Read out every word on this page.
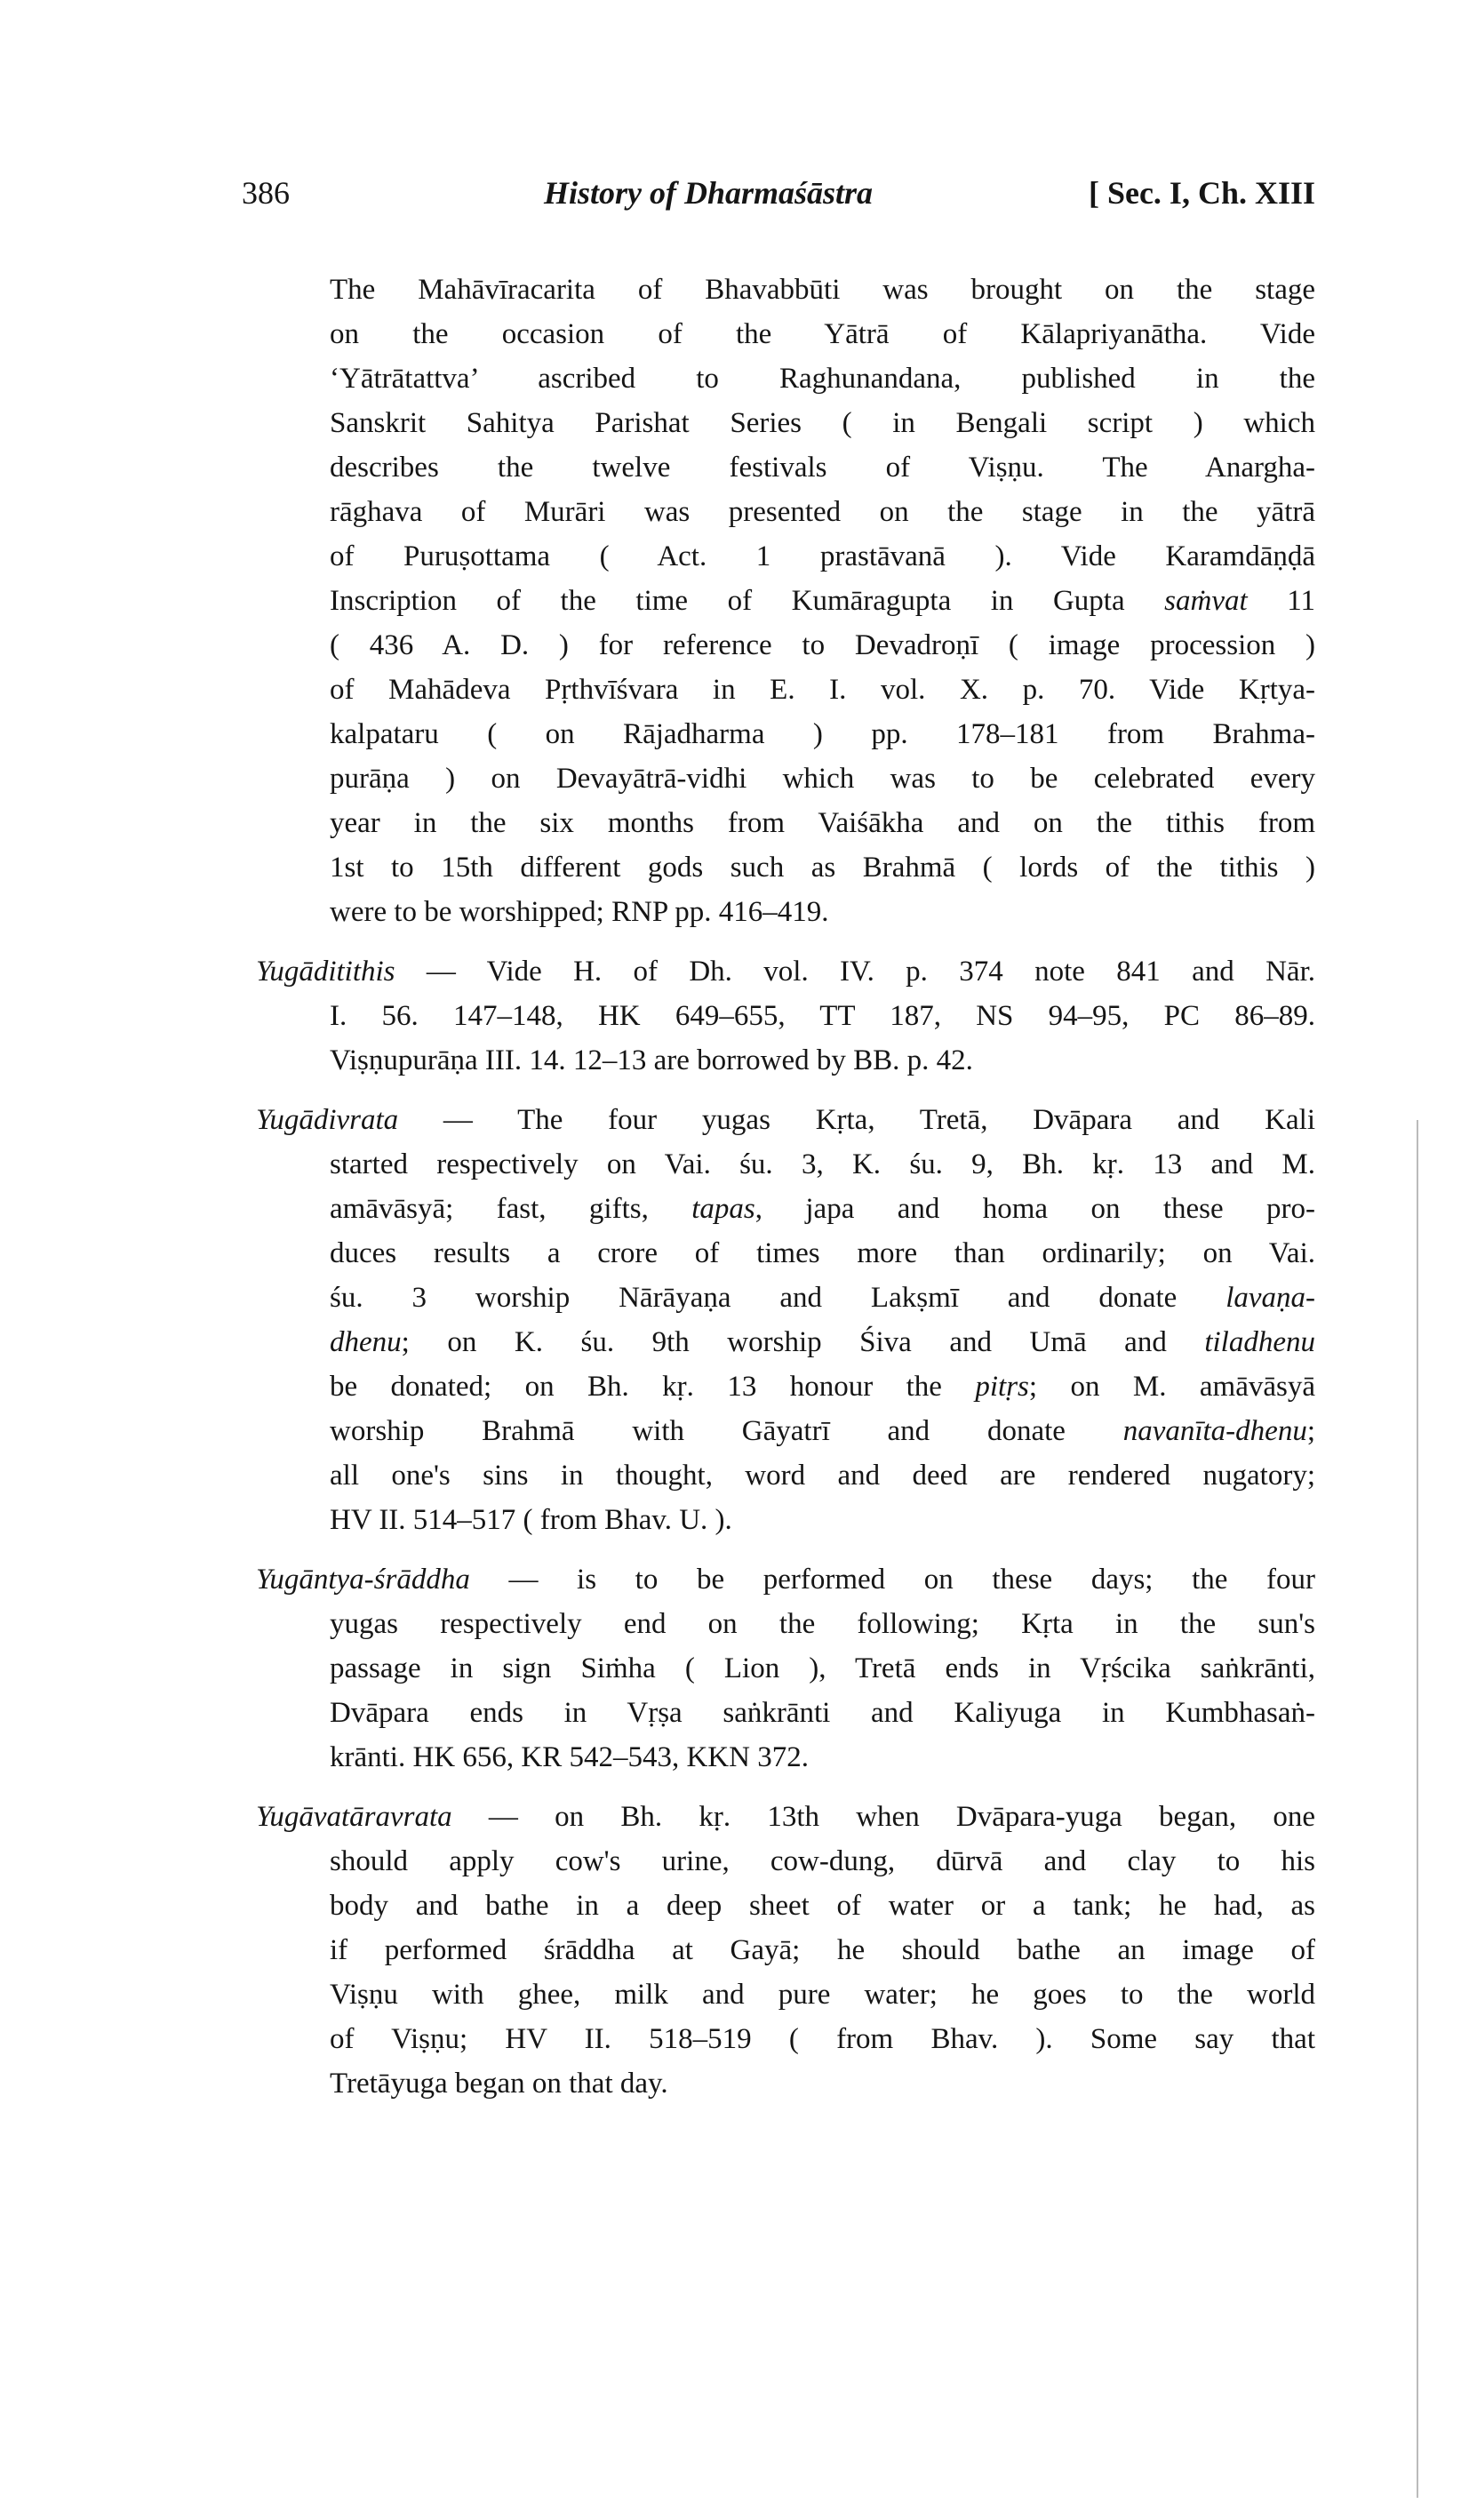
386	History of Dharmaśāstra	[ Sec. I, Ch. XIII
The Mahāvīracarita of Bhavabbūti was brought on the stage
on the occasion of the Yātrā of Kālapriyanātha. Vide
‘Yātrātattva’ ascribed to Raghunandana, published in the
Sanskrit Sahitya Parishat Series ( in Bengali script ) which
describes the twelve festivals of Viṣṇu. The Anargha-
rāghava of Murāri was presented on the stage in the yātrā
of Puruṣottama ( Act. 1 prastāvanā ). Vide Karamdāṇḍā
Inscription of the time of Kumāragupta in Gupta saṁvat 11
( 436 A. D. ) for reference to Devadroṇī ( image procession )
of Mahādeva Pṛthvīśvara in E. I. vol. X. p. 70. Vide Kṛtya-
kalpataru ( on Rājadharma ) pp. 178–181 from Brahma-
purāṇa ) on Devayātrā-vidhi which was to be celebrated every
year in the six months from Vaiśākha and on the tithis from
1st to 15th different gods such as Brahmā ( lords of the tithis )
were to be worshipped; RNP pp. 416–419.
Yugāditithis — Vide H. of Dh. vol. IV. p. 374 note 841 and Nār.
I. 56. 147–148, HK 649–655, TT 187, NS 94–95, PC 86–89.
Viṣṇupurāṇa III. 14. 12–13 are borrowed by BB. p. 42.
Yugādivrata — The four yugas Kṛta, Tretā, Dvāpara and Kali
started respectively on Vai. śu. 3, K. śu. 9, Bh. kṛ. 13 and M.
amāvāsyā; fast, gifts, tapas, japa and homa on these pro-
duces results a crore of times more than ordinarily; on Vai.
śu. 3 worship Nārāyaṇa and Lakṣmī and donate lavaṇa-
dhenu; on K. śu. 9th worship Śiva and Umā and tiladhenu
be donated; on Bh. kṛ. 13 honour the pitṛs; on M. amāvāsyā
worship Brahmā with Gāyatrī and donate navanīta-dhenu;
all one's sins in thought, word and deed are rendered nugatory;
HV II. 514–517 ( from Bhav. U. ).
Yugāntya-śrāddha — is to be performed on these days; the four
yugas respectively end on the following; Kṛta in the sun's
passage in sign Siṁha ( Lion ), Tretā ends in Vṛścika saṅkrānti,
Dvāpara ends in Vṛṣa saṅkrānti and Kaliyuga in Kumbhasaṅ-
krānti. HK 656, KR 542–543, KKN 372.
Yugāvatāravrata — on Bh. kṛ. 13th when Dvāpara-yuga began, one
should apply cow's urine, cow-dung, dūrvā and clay to his
body and bathe in a deep sheet of water or a tank; he had, as
if performed śrāddha at Gayā; he should bathe an image of
Viṣṇu with ghee, milk and pure water; he goes to the world
of Viṣṇu; HV II. 518–519 ( from Bhav. ). Some say that
Tretāyuga began on that day.
